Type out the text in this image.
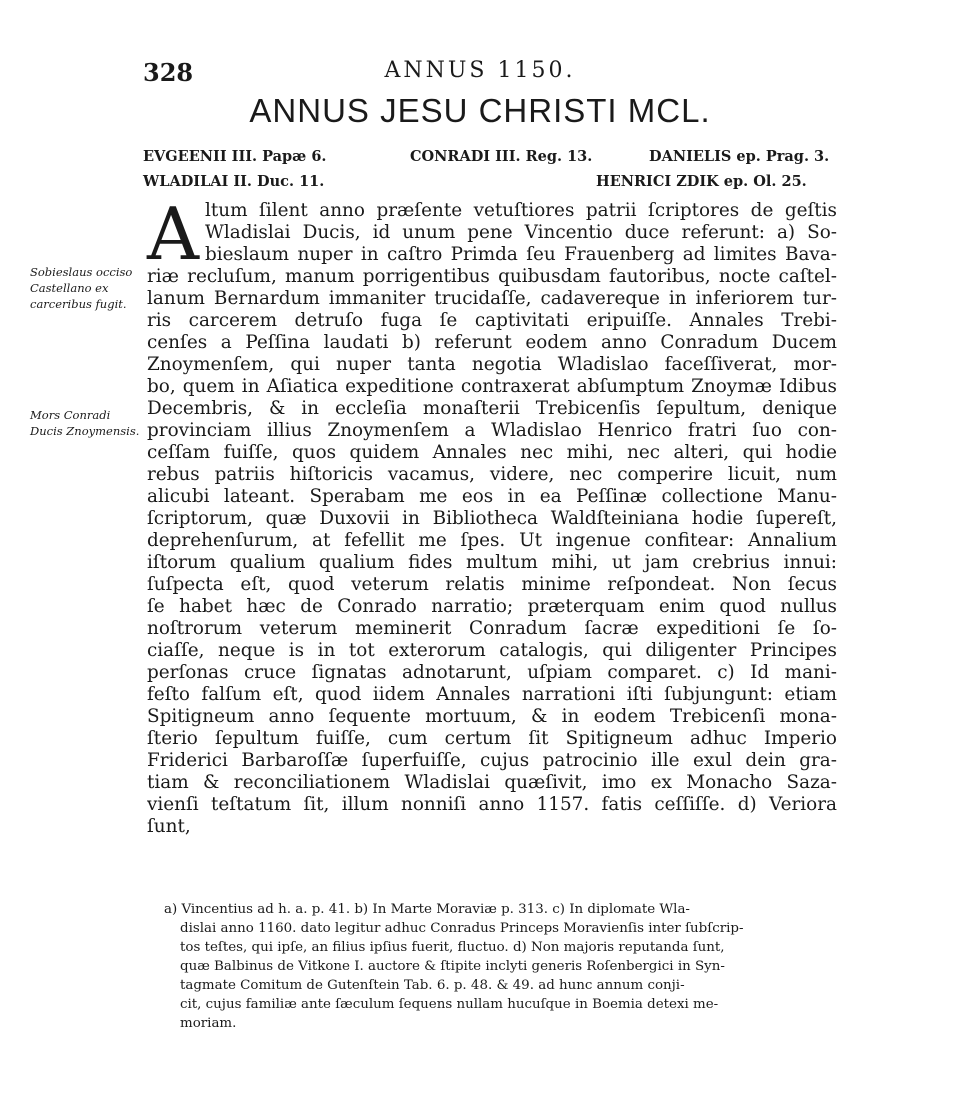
328	ANNUS 1150.
ANNUS JESU CHRISTI MCL.
EVGEENII III. Papæ 6.	CONRADI III. Reg. 13.	DANIELIS ep. Prag. 3.
WLADILAI II. Duc. 11.	HENRICI ZDIK ep. Ol. 25.
Sobieslaus occiso Castellano ex carceribus fugit.
Mors Conradi Ducis Znoymensis.
A ltum ſilent anno præſente vetuſtiores patrii ſcriptores de geſtis
Wladislai Ducis, id unum pene Vincentio duce referunt: a) So-
bieslaum nuper in caſtro Primda ſeu Frauenberg ad limites Bava-
riæ recluſum, manum porrigentibus quibusdam fautoribus, nocte caſtel-
lanum Bernardum immaniter trucidaſſe, cadavereque in inferiorem tur-
ris carcerem detruſo fuga ſe captivitati eripuiſſe. Annales Trebi-
cenſes a Peſſina laudati b) referunt eodem anno Conradum Ducem
Znoymenſem, qui nuper tanta negotia Wladislao faceſſiverat, mor-
bo, quem in Aſiatica expeditione contraxerat abſumptum Znoymæ Idibus
Decembris, & in eccleſia monaſterii Trebicenſis ſepultum, denique
provinciam illius Znoymenſem a Wladislao Henrico fratri ſuo con-
ceſſam fuiſſe, quos quidem Annales nec mihi, nec alteri, qui hodie
rebus patriis hiſtoricis vacamus, videre, nec comperire licuit, num
alicubi lateant. Sperabam me eos in ea Peſſinæ collectione Manu-
ſcriptorum, quæ Duxovii in Bibliotheca Waldſteiniana hodie ſupereſt,
deprehenſurum, at fefellit me ſpes. Ut ingenue confitear: Annalium
iſtorum qualium qualium fides multum mihi, ut jam crebrius innui:
ſuſpecta eſt, quod veterum relatis minime reſpondeat. Non ſecus
ſe habet hæc de Conrado narratio; præterquam enim quod nullus
noſtrorum veterum meminerit Conradum ſacræ expeditioni ſe ſo-
ciaſſe, neque is in tot exterorum catalogis, qui diligenter Principes
perſonas cruce ſignatas adnotarunt, uſpiam comparet. c) Id mani-
feſto falſum eſt, quod iidem Annales narrationi iſti ſubjungunt: etiam
Spitigneum anno ſequente mortuum, & in eodem Trebicenſi mona-
ſterio ſepultum fuiſſe, cum certum ſit Spitigneum adhuc Imperio
Friderici Barbaroſſæ ſuperfuiſſe, cujus patrocinio ille exul dein gra-
tiam & reconciliationem Wladislai quæſivit, imo ex Monacho Saza-
vienſi teſtatum ſit, illum nonniſi anno 1157. fatis ceſſiſſe. d) Veriora
ſunt,
a) Vincentius ad h. a. p. 41. b) In Marte Moraviæ p. 313. c) In diplomate Wla-
dislai anno 1160. dato legitur adhuc Conradus Princeps Moravienſis inter ſubſcrip-
tos teſtes, qui ipſe, an filius ipſius fuerit, fluctuo. d) Non majoris reputanda ſunt,
quæ Balbinus de Vitkone I. auctore & ſtipite inclyti generis Roſenbergici in Syn-
tagmate Comitum de Gutenſtein Tab. 6. p. 48. & 49. ad hunc annum conji-
cit, cujus familiæ ante ſæculum ſequens nullam hucuſque in Boemia detexi me-
moriam.
